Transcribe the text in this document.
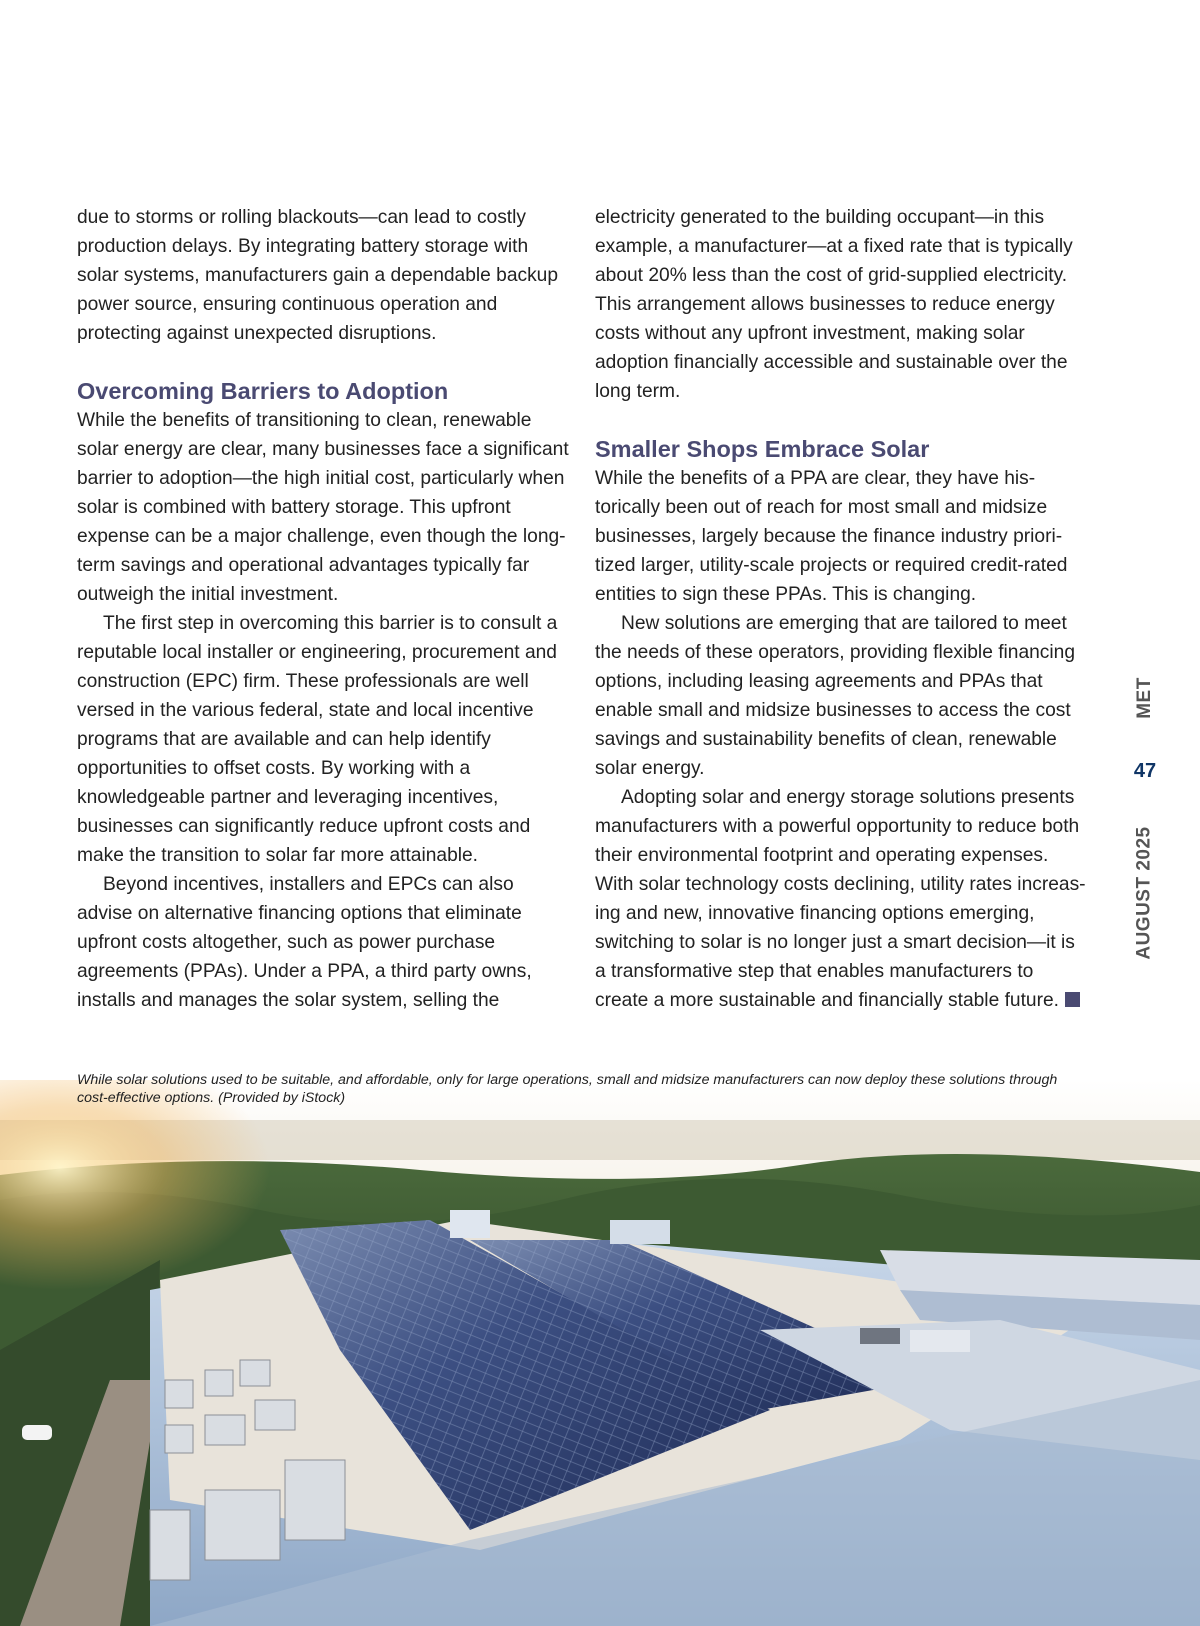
due to storms or rolling blackouts—can lead to costly production delays. By integrating battery storage with solar systems, manufacturers gain a dependable backup power source, ensuring continuous operation and protecting against unexpected disruptions.

Overcoming Barriers to Adoption

While the benefits of transitioning to clean, renewable solar energy are clear, many businesses face a significant barrier to adoption—the high initial cost, particularly when solar is combined with battery storage. This upfront expense can be a major challenge, even though the long-term savings and operational advantages typically far outweigh the initial investment.

The first step in overcoming this barrier is to consult a reputable local installer or engineering, procurement and construction (EPC) firm. These professionals are well versed in the various federal, state and local incentive programs that are available and can help identify opportunities to offset costs. By working with a knowledgeable partner and leveraging incentives, businesses can significantly reduce upfront costs and make the transition to solar far more attainable.

Beyond incentives, installers and EPCs can also advise on alternative financing options that eliminate upfront costs altogether, such as power purchase agreements (PPAs). Under a PPA, a third party owns, installs and manages the solar system, selling the

electricity generated to the building occupant—in this example, a manufacturer—at a fixed rate that is typically about 20% less than the cost of grid-supplied electricity. This arrangement allows businesses to reduce energy costs without any upfront investment, making solar adoption financially accessible and sustainable over the long term.

Smaller Shops Embrace Solar

While the benefits of a PPA are clear, they have historically been out of reach for most small and midsize businesses, largely because the finance industry prioritized larger, utility-scale projects or required credit-rated entities to sign these PPAs. This is changing.

New solutions are emerging that are tailored to meet the needs of these operators, providing flexible financing options, including leasing agreements and PPAs that enable small and midsize businesses to access the cost savings and sustainability benefits of clean, renewable solar energy.

Adopting solar and energy storage solutions presents manufacturers with a powerful opportunity to reduce both their environmental footprint and operating expenses. With solar technology costs declining, utility rates increasing and new, innovative financing options emerging, switching to solar is no longer just a smart decision—it is a transformative step that enables manufacturers to create a more sustainable and financially stable future.

MET
47
AUGUST 2025
While solar solutions used to be suitable, and affordable, only for large operations, small and midsize manufacturers can now deploy these solutions through cost-effective options. (Provided by iStock)
